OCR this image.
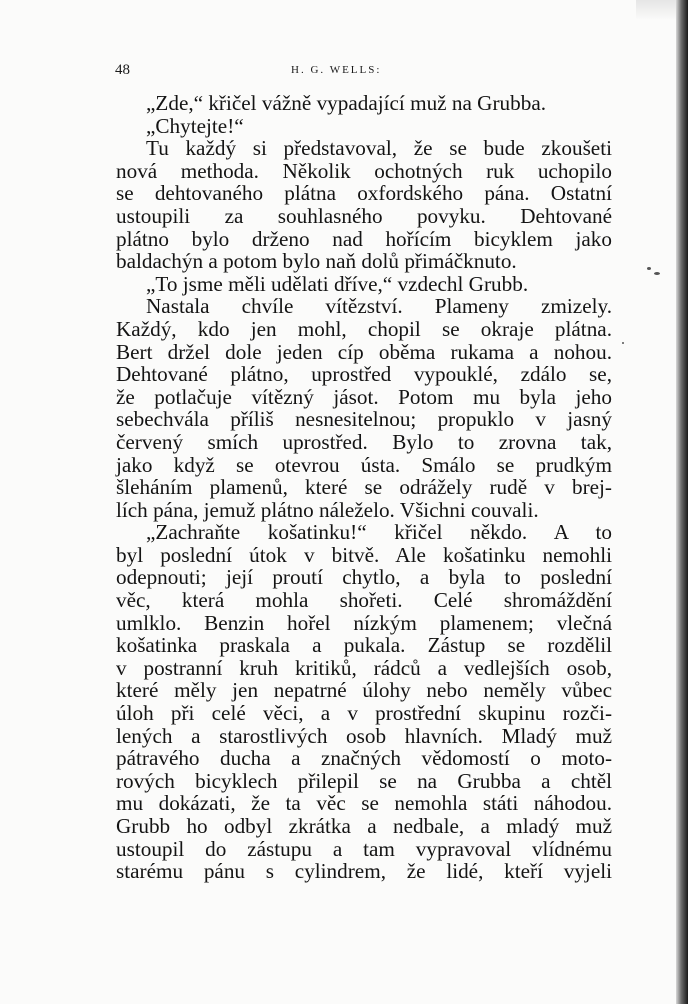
48	H. G. WELLS:
„Zde,“ křičel vážně vypadající muž na Grubba.
„Chytejte!“
Tu každý si představoval, že se bude zkoušeti
nová methoda. Několik ochotných ruk uchopilo
se dehtovaného plátna oxfordského pána. Ostatní
ustoupili za souhlasného povyku. Dehtované
plátno bylo drženo nad hořícím bicyklem jako
baldachýn a potom bylo naň dolů přimáčknuto.
„To jsme měli udělati dříve,“ vzdechl Grubb.
Nastala chvíle vítězství. Plameny zmizely.
Každý, kdo jen mohl, chopil se okraje plátna.
Bert držel dole jeden cíp oběma rukama a nohou.
Dehtované plátno, uprostřed vypouklé, zdálo se,
že potlačuje vítězný jásot. Potom mu byla jeho
sebechvála příliš nesnesitelnou; propuklo v jasný
červený smích uprostřed. Bylo to zrovna tak,
jako když se otevrou ústa. Smálo se prudkým
šleháním plamenů, které se odrážely rudě v brej-
lích pána, jemuž plátno náleželo. Všichni couvali.
„Zachraňte košatinku!“ křičel někdo. A to
byl poslední útok v bitvě. Ale košatinku nemohli
odepnouti; její proutí chytlo, a byla to poslední
věc, která mohla shořeti. Celé shromáždění
umlklo. Benzin hořel nízkým plamenem; vlečná
košatinka praskala a pukala. Zástup se rozdělil
v postranní kruh kritiků, rádců a vedlejších osob,
které měly jen nepatrné úlohy nebo neměly vůbec
úloh při celé věci, a v prostřední skupinu rozči-
lených a starostlivých osob hlavních. Mladý muž
pátravého ducha a značných vědomostí o moto-
rových bicyklech přilepil se na Grubba a chtěl
mu dokázati, že ta věc se nemohla státi náhodou.
Grubb ho odbyl zkrátka a nedbale, a mladý muž
ustoupil do zástupu a tam vypravoval vlídnému
starému pánu s cylindrem, že lidé, kteří vyjeli
